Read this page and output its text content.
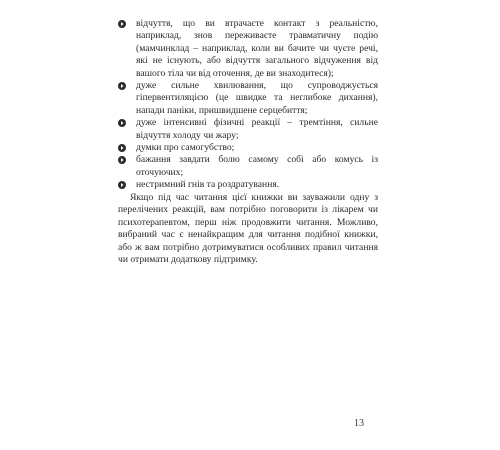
відчуття, що ви втрачаєте контакт з реальністю, наприклад, знов переживаєте травматичну подію (мамчинклад – наприклад, коли ви бачите чи чуєте речі, які не існують, або відчуття загального відчуження від вашого тіла чи від оточення, де ви знаходитеся);
дуже сильне хвилювання, що супроводжується гіпервентиляцією (це швидке та неглибоке дихання), напади паніки, пришвидшене серцебиття;
дуже інтенсивні фізичні реакції – тремтіння, сильне відчуття холоду чи жару;
думки про самогубство;
бажання завдати болю самому собі або комусь із оточуючих;
нестримний гнів та роздратування.

Якщо під час читання цієї книжки ви зауважили одну з перелічених реакцій, вам потрібно поговорити із лікарем чи психотерапевтом, перш ніж продовжити читання. Можливо, вибраний час є ненайкращим для читання подібної книжки, або ж вам потрібно дотримуватися особливих правил читання чи отримати додаткову підтримку.

13
